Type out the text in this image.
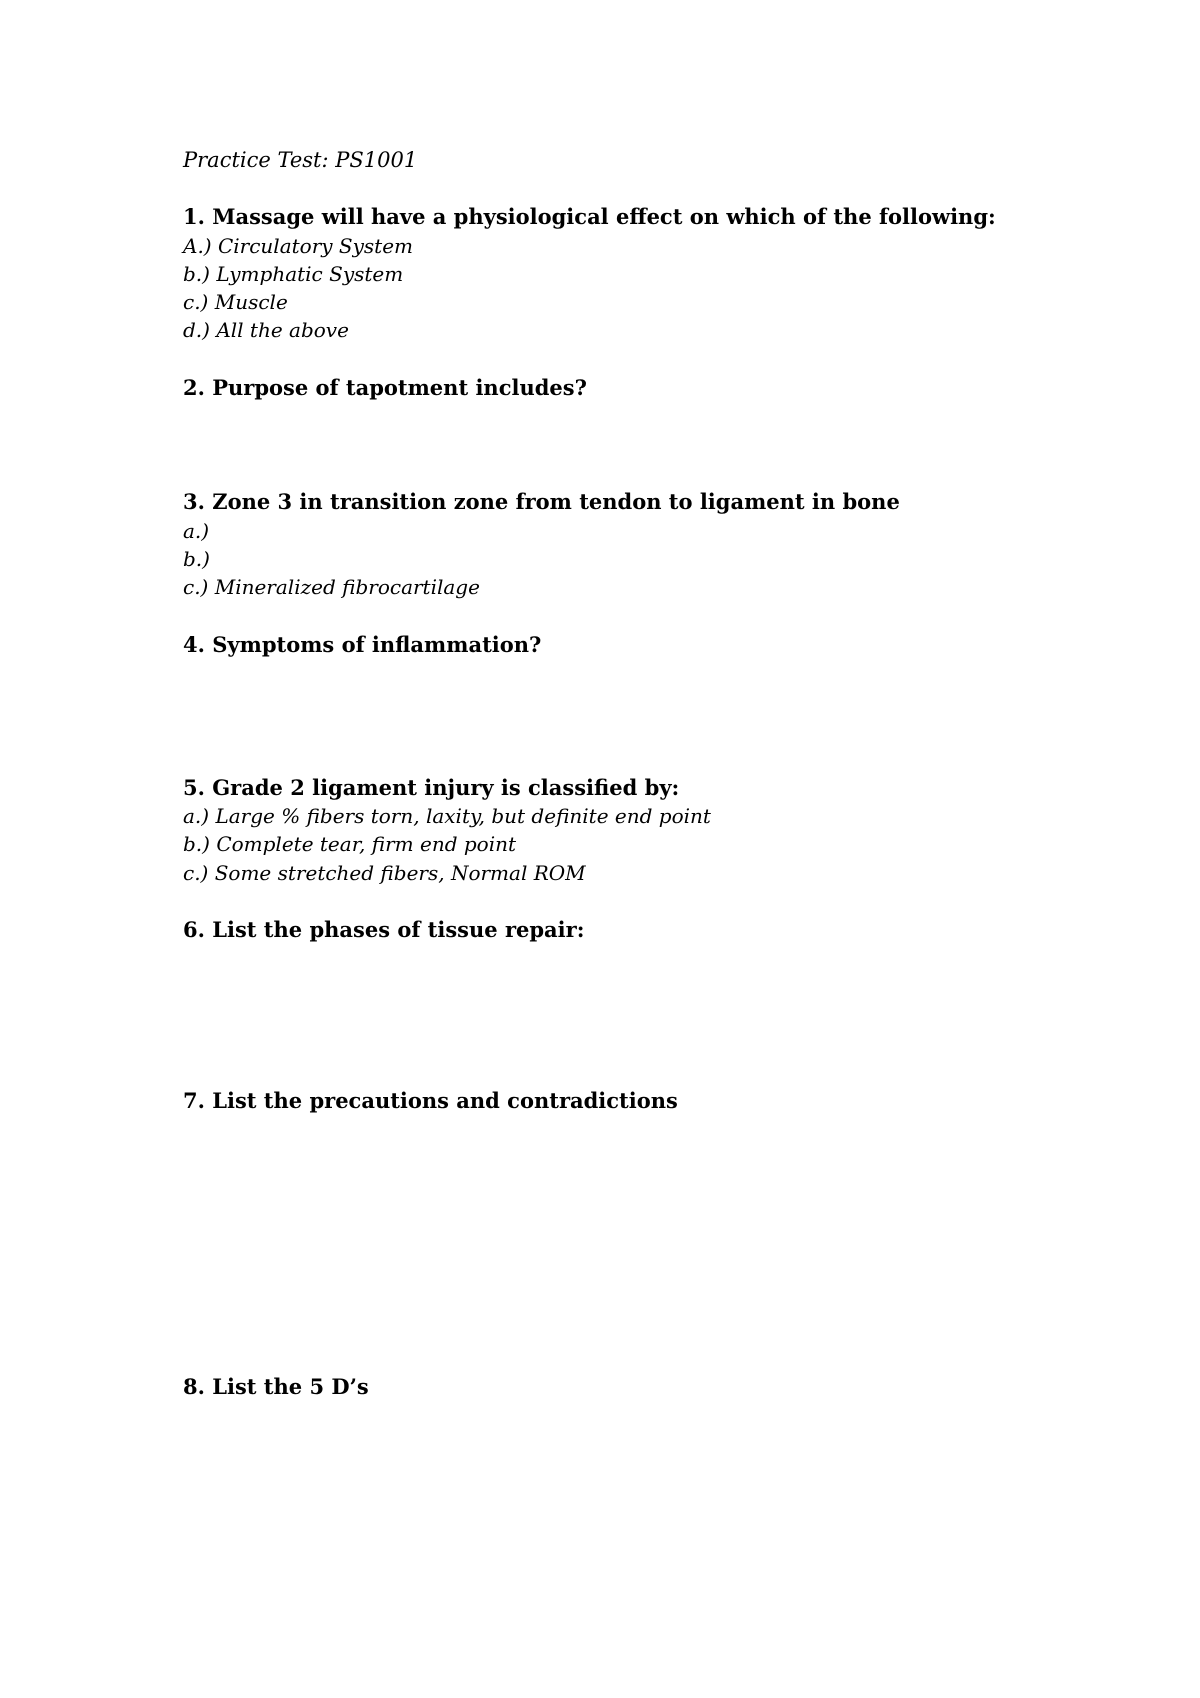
Practice Test: PS1001
1. Massage will have a physiological effect on which of the following:
A.) Circulatory System
b.) Lymphatic System
c.) Muscle
d.) All the above
2. Purpose of tapotment includes?
3. Zone 3 in transition zone from tendon to ligament in bone
a.)
b.)
c.) Mineralized fibrocartilage
4. Symptoms of inflammation?
5. Grade 2 ligament injury is classified by:
a.) Large % fibers torn, laxity, but definite end point
b.) Complete tear, firm end point
c.) Some stretched fibers, Normal ROM
6. List the phases of tissue repair:
7. List the precautions and contradictions
8. List the 5 D’s
